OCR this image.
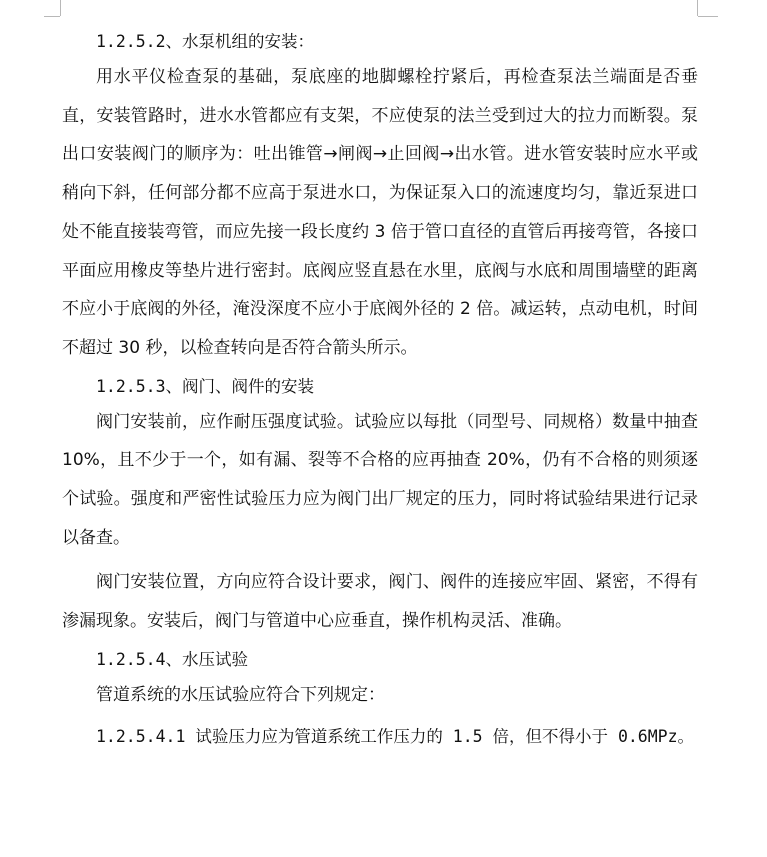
1.2.5.2、水泵机组的安装：

用水平仪检查泵的基础，泵底座的地脚螺栓拧紧后，再检查泵法兰端面是否垂直，安装管路时，进水水管都应有支架，不应使泵的法兰受到过大的拉力而断裂。泵出口安装阀门的顺序为：吐出锥管→闸阀→止回阀→出水管。进水管安装时应水平或稍向下斜，任何部分都不应高于泵进水口，为保证泵入口的流速度均匀，靠近泵进口处不能直接装弯管，而应先接一段长度约 3 倍于管口直径的直管后再接弯管，各接口平面应用橡皮等垫片进行密封。底阀应竖直悬在水里，底阀与水底和周围墙壁的距离不应小于底阀的外径，淹没深度不应小于底阀外径的 2 倍。减运转，点动电机，时间不超过 30 秒，以检查转向是否符合箭头所示。

1.2.5.3、阀门、阀件的安装

阀门安装前，应作耐压强度试验。试验应以每批（同型号、同规格）数量中抽查 10%，且不少于一个，如有漏、裂等不合格的应再抽查 20%，仍有不合格的则须逐个试验。强度和严密性试验压力应为阀门出厂规定的压力，同时将试验结果进行记录以备查。

阀门安装位置，方向应符合设计要求，阀门、阀件的连接应牢固、紧密，不得有渗漏现象。安装后，阀门与管道中心应垂直，操作机构灵活、准确。

1.2.5.4、水压试验

管道系统的水压试验应符合下列规定：

1.2.5.4.1 试验压力应为管道系统工作压力的 1.5 倍，但不得小于 0.6MPz。
